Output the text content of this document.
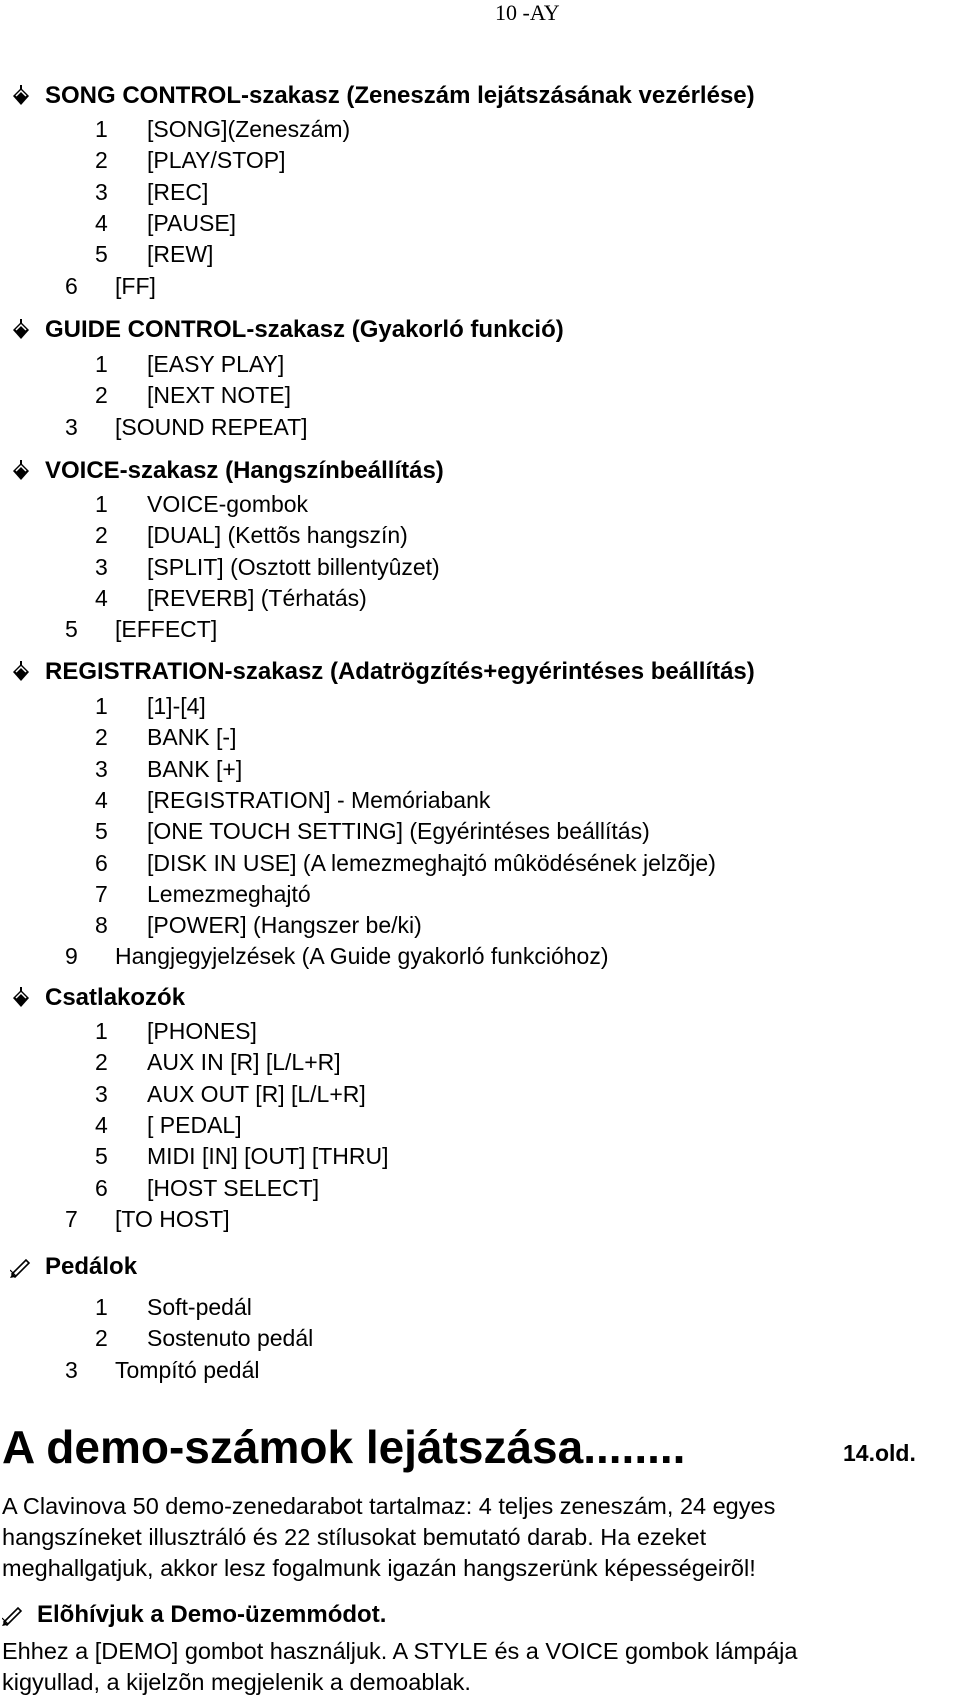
10 -AY
SONG CONTROL-szakasz (Zeneszám lejátszásának vezérlése)
1 [SONG](Zeneszám)
2 [PLAY/STOP]
3 [REC]
4 [PAUSE]
5 [REW]
6 [FF]
GUIDE CONTROL-szakasz (Gyakorló funkció)
1 [EASY PLAY]
2 [NEXT NOTE]
3 [SOUND REPEAT]
VOICE-szakasz (Hangszínbeállítás)
1 VOICE-gombok
2 [DUAL] (Kettõs hangszín)
3 [SPLIT] (Osztott billentyûzet)
4 [REVERB] (Térhatás)
5 [EFFECT]
REGISTRATION-szakasz (Adatrögzítés+egyérintéses beállítás)
1 [1]-[4]
2 BANK [-]
3 BANK [+]
4 [REGISTRATION] - Memóriabank
5 [ONE TOUCH SETTING] (Egyérintéses beállítás)
6 [DISK IN USE] (A lemezmeghajtó mûködésének jelzõje)
7 Lemezmeghajtó
8 [POWER] (Hangszer be/ki)
9 Hangjegyjelzések (A Guide gyakorló funkcióhoz)
Csatlakozók
1 [PHONES]
2 AUX IN [R] [L/L+R]
3 AUX OUT [R] [L/L+R]
4 [ PEDAL]
5 MIDI [IN] [OUT] [THRU]
6 [HOST SELECT]
7 [TO HOST]
Pedálok
1 Soft-pedál
2 Sostenuto pedál
3 Tompító pedál
A demo-számok lejátszása........	14.old.
A Clavinova 50 demo-zenedarabot tartalmaz: 4 teljes zeneszám, 24 egyes
hangszíneket illusztráló és 22 stílusokat bemutató darab. Ha ezeket
meghallgatjuk, akkor lesz fogalmunk igazán hangszerünk képességeirõl!
Elõhívjuk a Demo-üzemmódot.
Ehhez a [DEMO] gombot használjuk. A STYLE és a VOICE gombok lámpája
kigyullad, a kijelzõn megjelenik a demoablak.
